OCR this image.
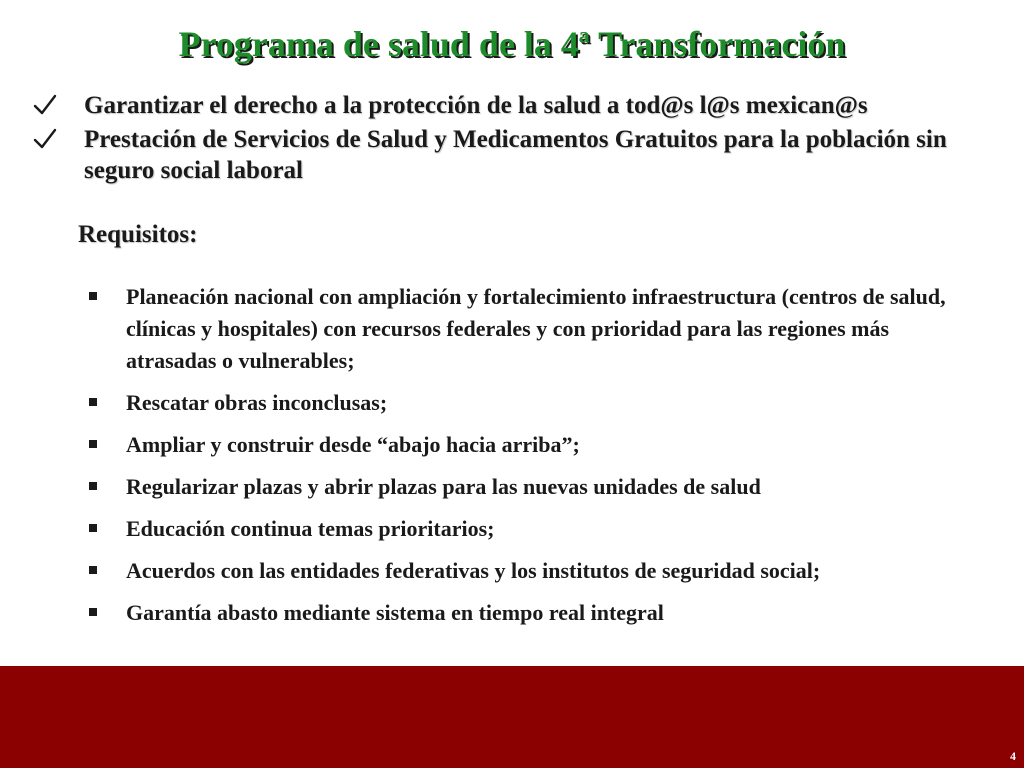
Programa de salud de la 4ª Transformación
Garantizar el derecho a la protección de la salud a tod@s l@s mexican@s
Prestación de Servicios de Salud y Medicamentos Gratuitos para la población sin seguro social laboral
Requisitos:
Planeación nacional con ampliación y fortalecimiento infraestructura (centros de salud, clínicas y hospitales) con recursos federales y con prioridad para las regiones más atrasadas o vulnerables;
Rescatar obras inconclusas;
Ampliar y construir desde “abajo hacia arriba”;
Regularizar plazas y abrir plazas para las nuevas unidades de salud
Educación continua temas prioritarios;
Acuerdos con las entidades federativas y los institutos de seguridad social;
Garantía abasto mediante sistema en tiempo real integral
4
